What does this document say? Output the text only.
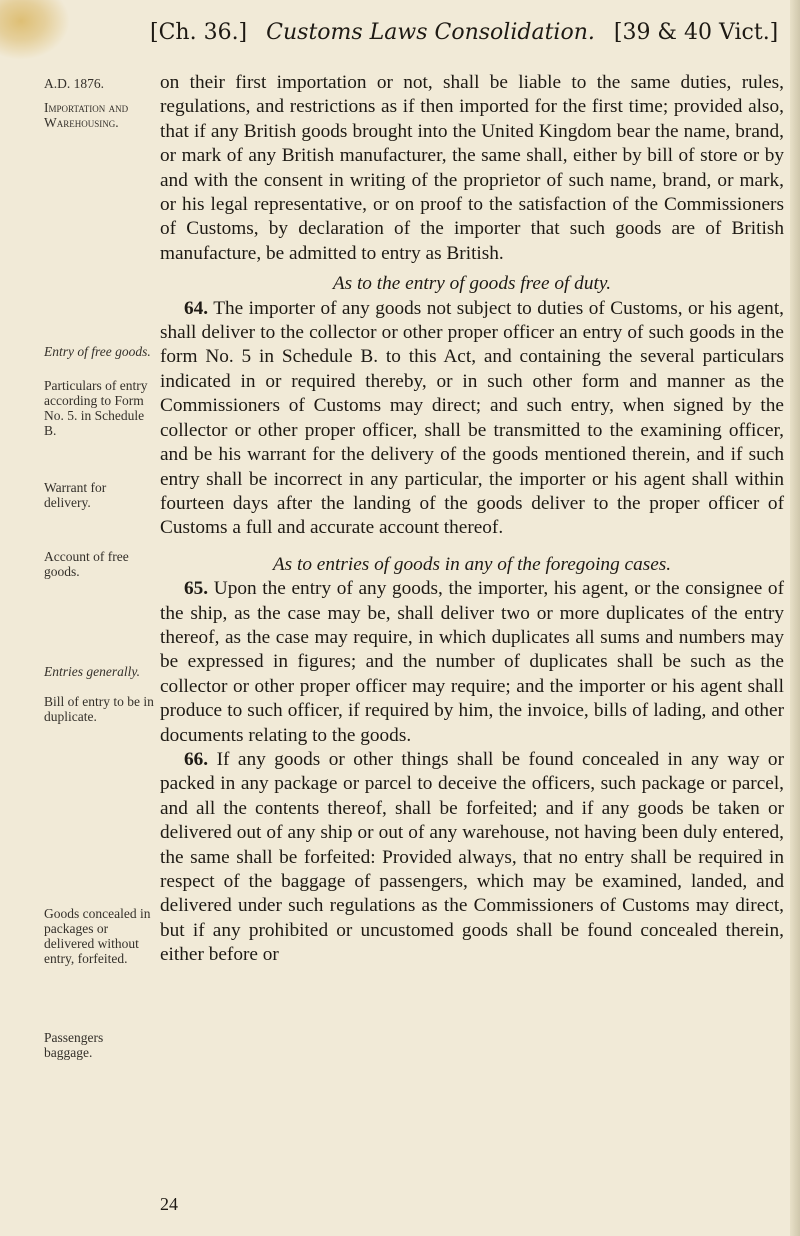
[Ch. 36.] Customs Laws Consolidation. [39 & 40 Vict.]
A.D. 1876.
Importation and Warehousing.
Entry of free goods.
Particulars of entry according to Form No. 5. in Schedule B.
Warrant for delivery.
Account of free goods.
Entries generally.
Bill of entry to be in duplicate.
Goods concealed in packages or delivered without entry, forfeited.
Passengers baggage.

on their first importation or not, shall be liable to the same duties, rules, regulations, and restrictions as if then imported for the first time; provided also, that if any British goods brought into the United Kingdom bear the name, brand, or mark of any British manufacturer, the same shall, either by bill of store or by and with the consent in writing of the proprietor of such name, brand, or mark, or his legal representative, or on proof to the satisfaction of the Commissioners of Customs, by declaration of the importer that such goods are of British manufacture, be admitted to entry as British.

As to the entry of goods free of duty.

64. The importer of any goods not subject to duties of Customs, or his agent, shall deliver to the collector or other proper officer an entry of such goods in the form No. 5 in Schedule B. to this Act, and containing the several particulars indicated in or required thereby, or in such other form and manner as the Commissioners of Customs may direct; and such entry, when signed by the collector or other proper officer, shall be transmitted to the examining officer, and be his warrant for the delivery of the goods mentioned therein, and if such entry shall be incorrect in any particular, the importer or his agent shall within fourteen days after the landing of the goods deliver to the proper officer of Customs a full and accurate account thereof.

As to entries of goods in any of the foregoing cases.

65. Upon the entry of any goods, the importer, his agent, or the consignee of the ship, as the case may be, shall deliver two or more duplicates of the entry thereof, as the case may require, in which duplicates all sums and numbers may be expressed in figures; and the number of duplicates shall be such as the collector or other proper officer may require; and the importer or his agent shall produce to such officer, if required by him, the invoice, bills of lading, and other documents relating to the goods.

66. If any goods or other things shall be found concealed in any way or packed in any package or parcel to deceive the officers, such package or parcel, and all the contents thereof, shall be forfeited; and if any goods be taken or delivered out of any ship or out of any warehouse, not having been duly entered, the same shall be forfeited: Provided always, that no entry shall be required in respect of the baggage of passengers, which may be examined, landed, and delivered under such regulations as the Commissioners of Customs may direct, but if any prohibited or uncustomed goods shall be found concealed therein, either before or

24
